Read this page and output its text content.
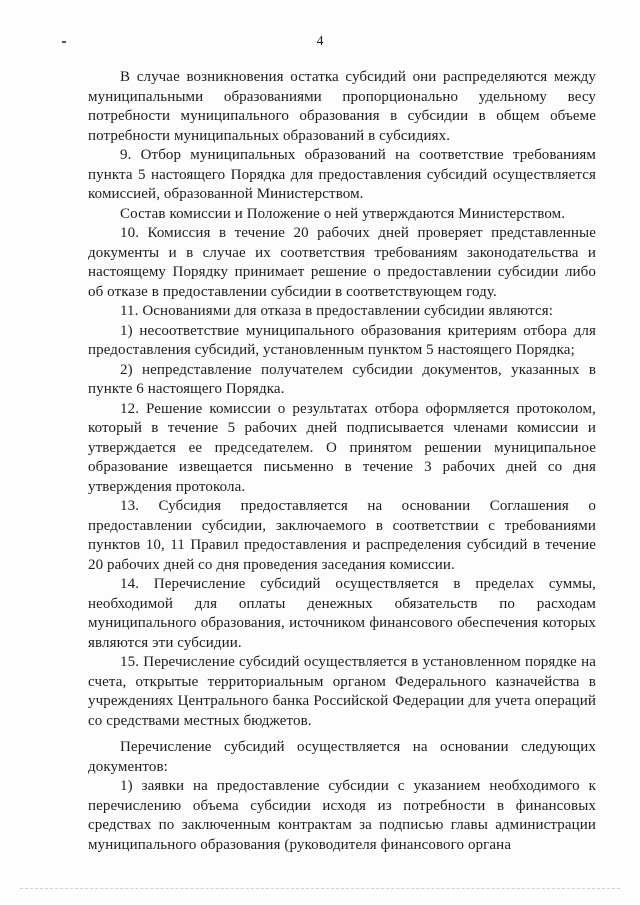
4

В случае возникновения остатка субсидий они распределяются между муниципальными образованиями пропорционально удельному весу потребности муниципального образования в субсидии в общем объеме потребности муниципальных образований в субсидиях.

9. Отбор муниципальных образований на соответствие требованиям пункта 5 настоящего Порядка для предоставления субсидий осуществляется комиссией, образованной Министерством.

Состав комиссии и Положение о ней утверждаются Министерством.

10. Комиссия в течение 20 рабочих дней проверяет представленные документы и в случае их соответствия требованиям законодательства и настоящему Порядку принимает решение о предоставлении субсидии либо об отказе в предоставлении субсидии в соответствующем году.

11. Основаниями для отказа в предоставлении субсидии являются:

1) несоответствие муниципального образования критериям отбора для предоставления субсидий, установленным пунктом 5 настоящего Порядка;

2) непредставление получателем субсидии документов, указанных в пункте 6 настоящего Порядка.

12. Решение комиссии о результатах отбора оформляется протоколом, который в течение 5 рабочих дней подписывается членами комиссии и утверждается ее председателем. О принятом решении муниципальное образование извещается письменно в течение 3 рабочих дней со дня утверждения протокола.

13. Субсидия предоставляется на основании Соглашения о предоставлении субсидии, заключаемого в соответствии с требованиями пунктов 10, 11 Правил предоставления и распределения субсидий в течение 20 рабочих дней со дня проведения заседания комиссии.

14. Перечисление субсидий осуществляется в пределах суммы, необходимой для оплаты денежных обязательств по расходам муниципального образования, источником финансового обеспечения которых являются эти субсидии.

15. Перечисление субсидий осуществляется в установленном порядке на счета, открытые территориальным органом Федерального казначейства в учреждениях Центрального банка Российской Федерации для учета операций со средствами местных бюджетов.

Перечисление субсидий осуществляется на основании следующих документов:

1) заявки на предоставление субсидии с указанием необходимого к перечислению объема субсидии исходя из потребности в финансовых средствах по заключенным контрактам за подписью главы администрации муниципального образования (руководителя финансового органа
